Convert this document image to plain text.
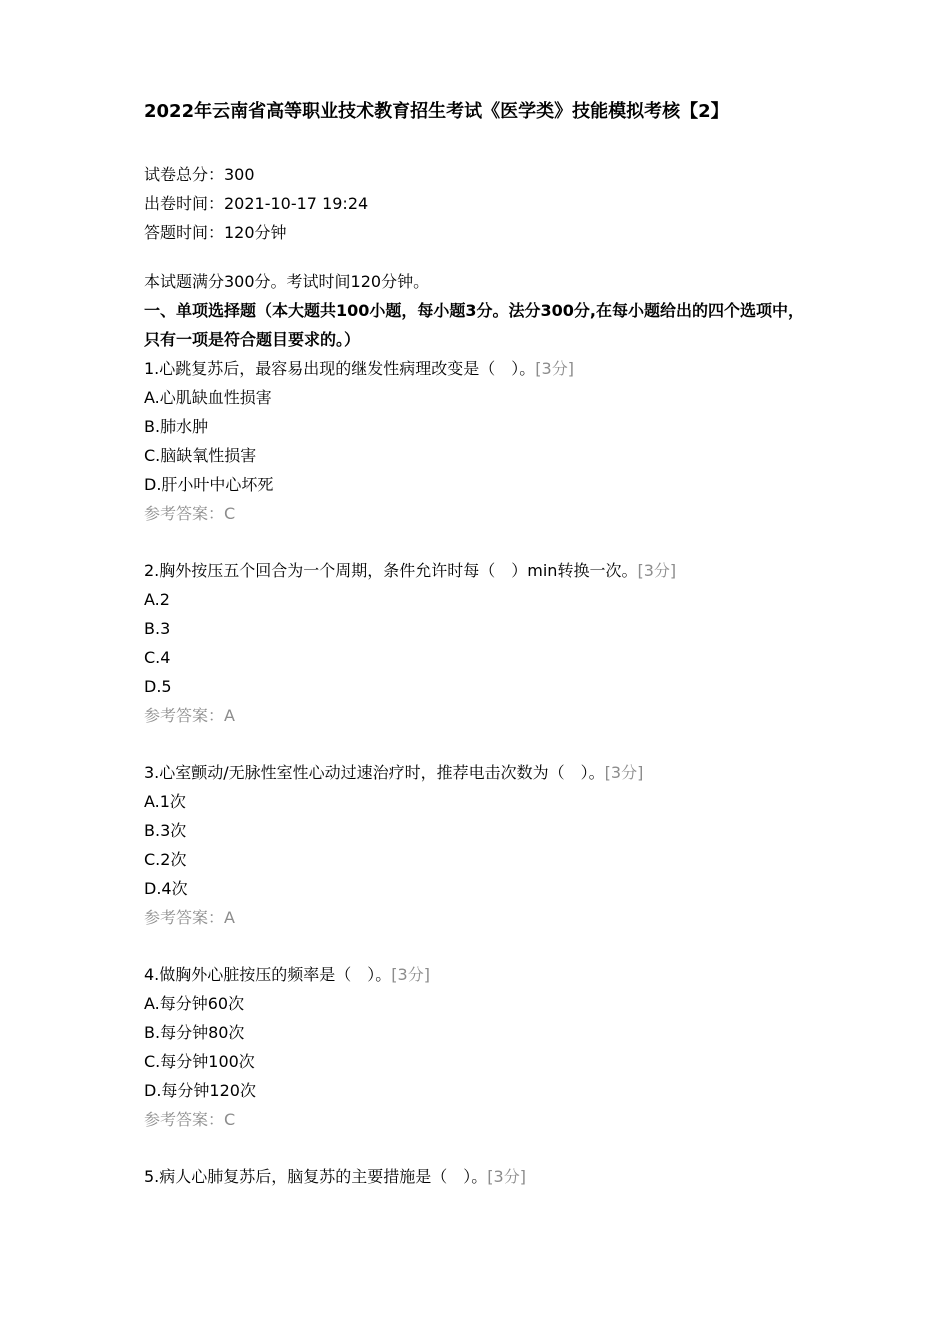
2022年云南省高等职业技术教育招生考试《医学类》技能模拟考核【2】
试卷总分：300
出卷时间：2021-10-17 19:24
答题时间：120分钟
本试题满分300分。考试时间120分钟。
一、单项选择题（本大题共100小题，每小题3分。法分300分,在每小题给出的四个选项中，只有一项是符合题目要求的。）
1.心跳复苏后，最容易出现的继发性病理改变是（　）。[3分]
A.心肌缺血性损害
B.肺水肿
C.脑缺氧性损害
D.肝小叶中心坏死
参考答案：C
2.胸外按压五个回合为一个周期，条件允许时每（　）min转换一次。[3分]
A.2
B.3
C.4
D.5
参考答案：A
3.心室颤动/无脉性室性心动过速治疗时，推荐电击次数为（　）。[3分]
A.1次
B.3次
C.2次
D.4次
参考答案：A
4.做胸外心脏按压的频率是（　）。[3分]
A.每分钟60次
B.每分钟80次
C.每分钟100次
D.每分钟120次
参考答案：C
5.病人心肺复苏后，脑复苏的主要措施是（　）。[3分]
